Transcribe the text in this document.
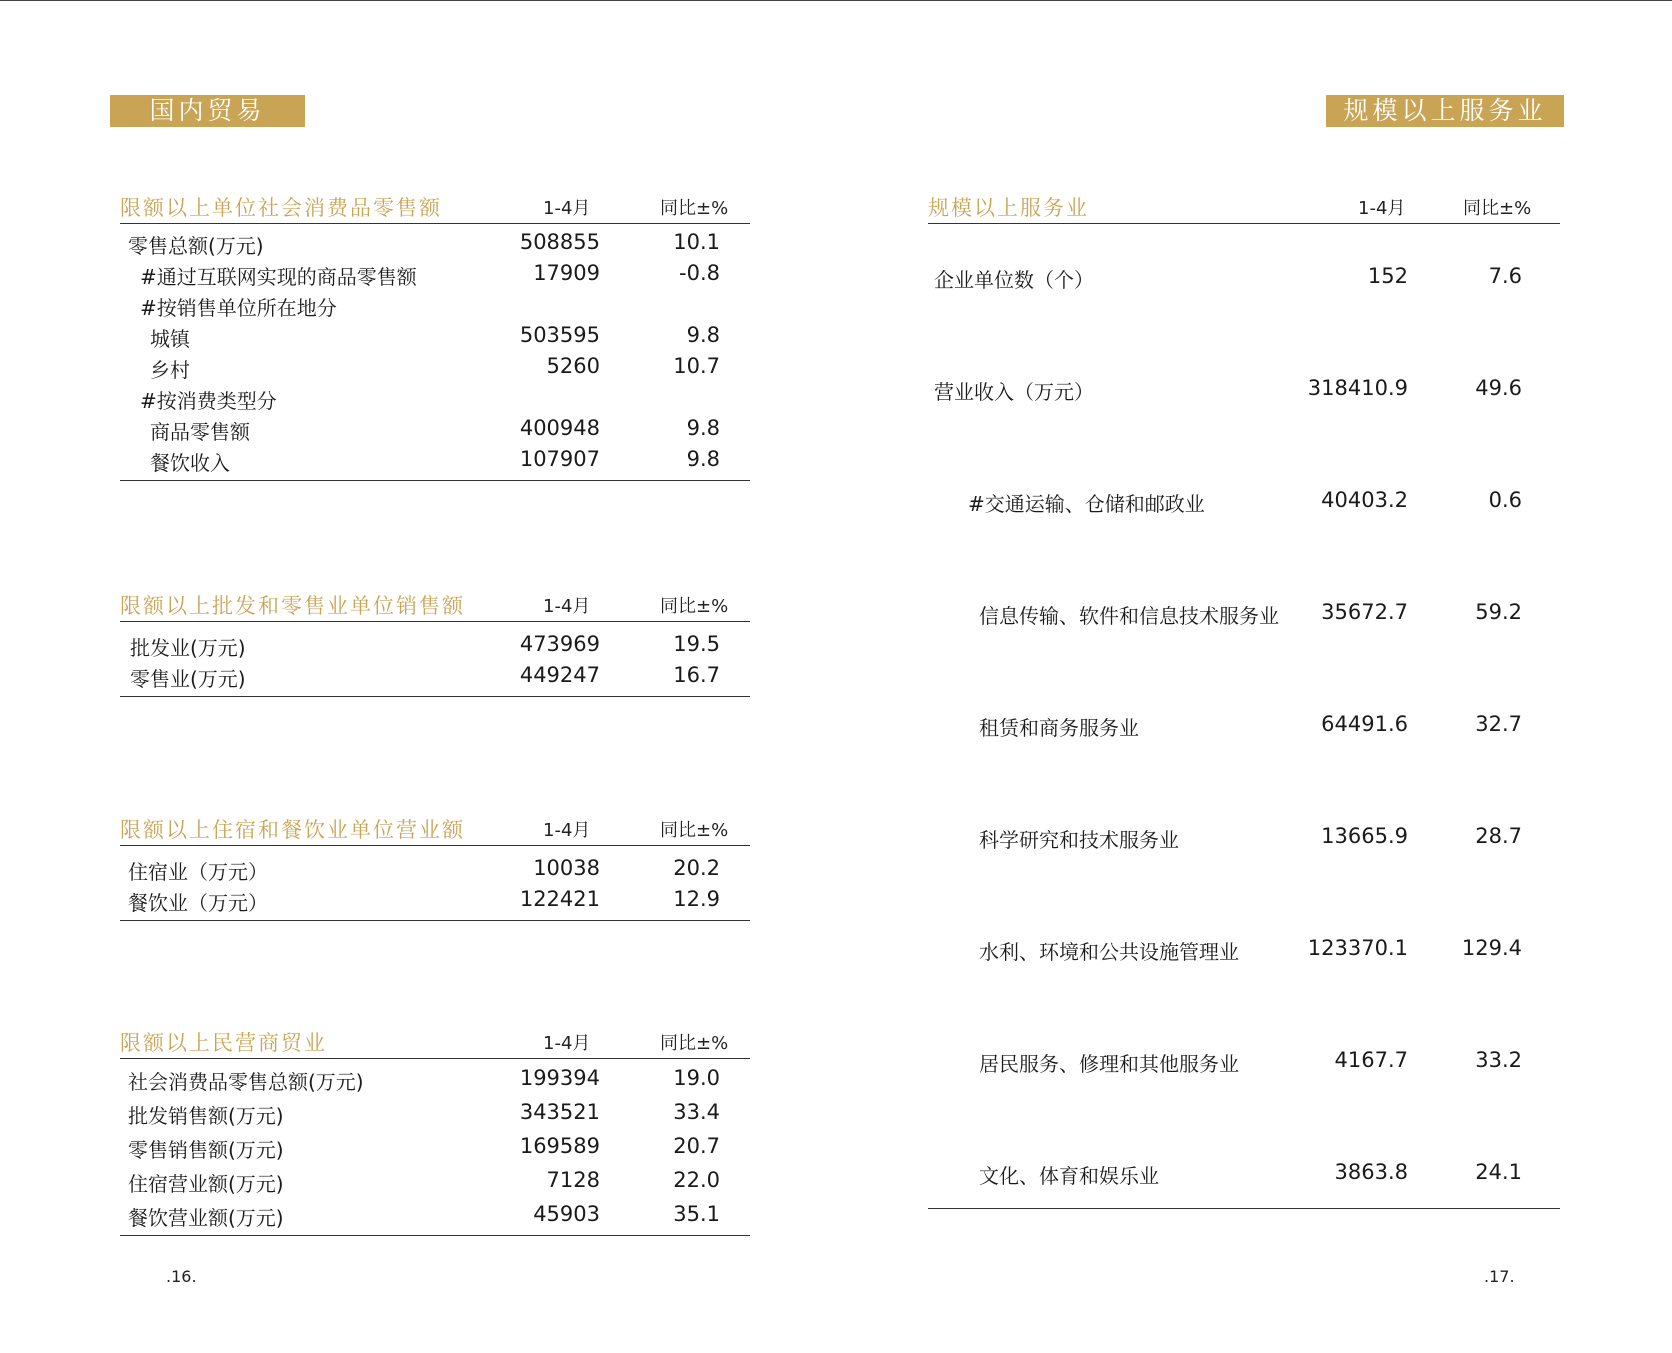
国内贸易	规模以上服务业
限额以上单位社会消费品零售额	1-4月	同比±%
零售总额(万元)	508855	10.1
#通过互联网实现的商品零售额	17909	-0.8
#按销售单位所在地分
城镇	503595	9.8
乡村	5260	10.7
#按消费类型分
商品零售额	400948	9.8
餐饮收入	107907	9.8
限额以上批发和零售业单位销售额	1-4月	同比±%
批发业(万元)	473969	19.5
零售业(万元)	449247	16.7
限额以上住宿和餐饮业单位营业额	1-4月	同比±%
住宿业（万元）	10038	20.2
餐饮业（万元）	122421	12.9
限额以上民营商贸业	1-4月	同比±%
社会消费品零售总额(万元)	199394	19.0
批发销售额(万元)	343521	33.4
零售销售额(万元)	169589	20.7
住宿营业额(万元)	7128	22.0
餐饮营业额(万元)	45903	35.1
规模以上服务业	1-4月	同比±%
企业单位数（个）	152	7.6
营业收入（万元）	318410.9	49.6
#交通运输、仓储和邮政业	40403.2	0.6
信息传输、软件和信息技术服务业 35672.7	59.2
租赁和商务服务业	64491.6	32.7
科学研究和技术服务业	13665.9	28.7
水利、环境和公共设施管理业	123370.1	129.4
居民服务、修理和其他服务业	4167.7	33.2
文化、体育和娱乐业	3863.8	24.1
.16.	.17.
